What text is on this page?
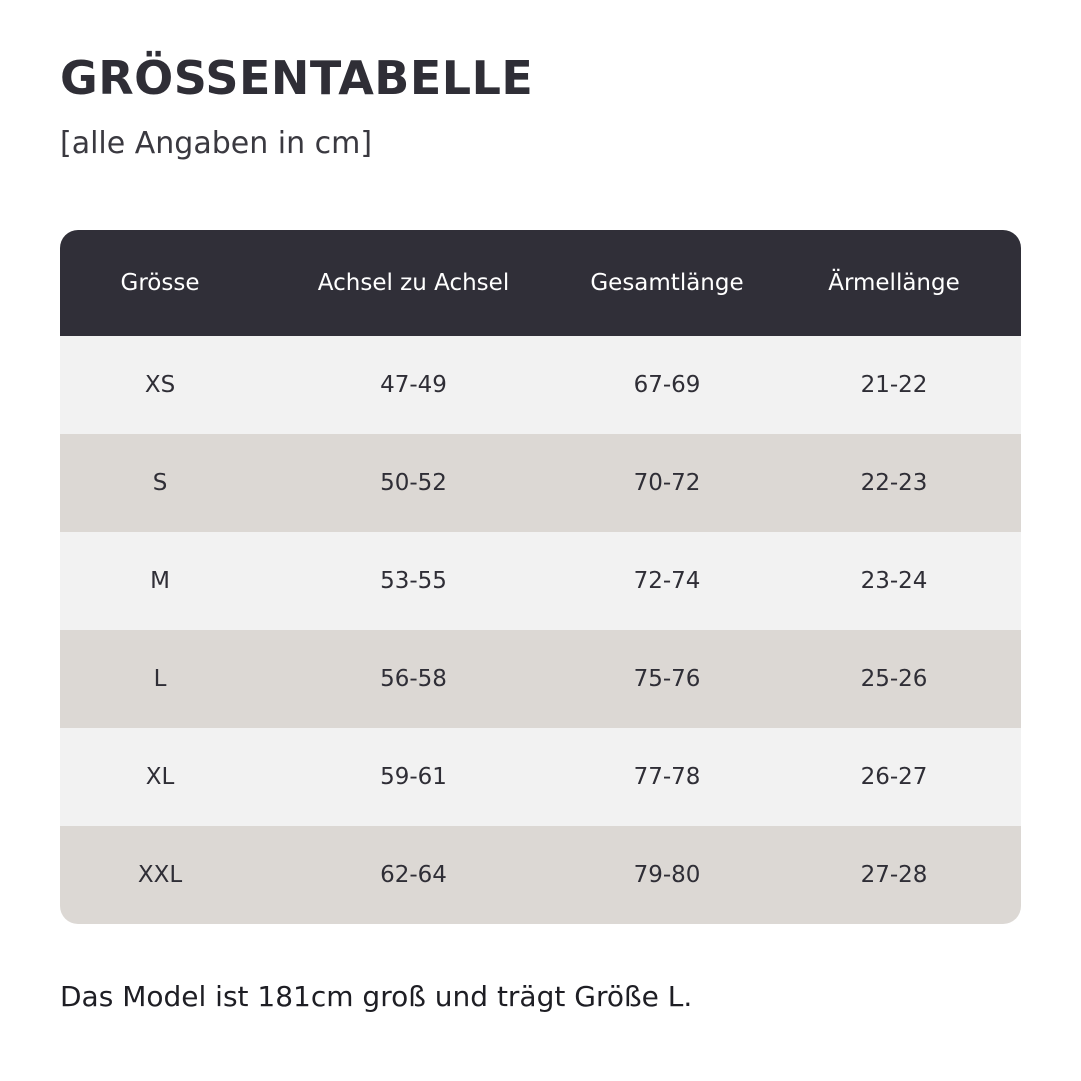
GRÖSSENTABELLE

[alle Angaben in cm]

Grösse	Achsel zu Achsel	Gesamtlänge	Ärmellänge
XS	47-49	67-69	21-22
S	50-52	70-72	22-23
M	53-55	72-74	23-24
L	56-58	75-76	25-26
XL	59-61	77-78	26-27
XXL	62-64	79-80	27-28

Das Model ist 181cm groß und trägt Größe L.
